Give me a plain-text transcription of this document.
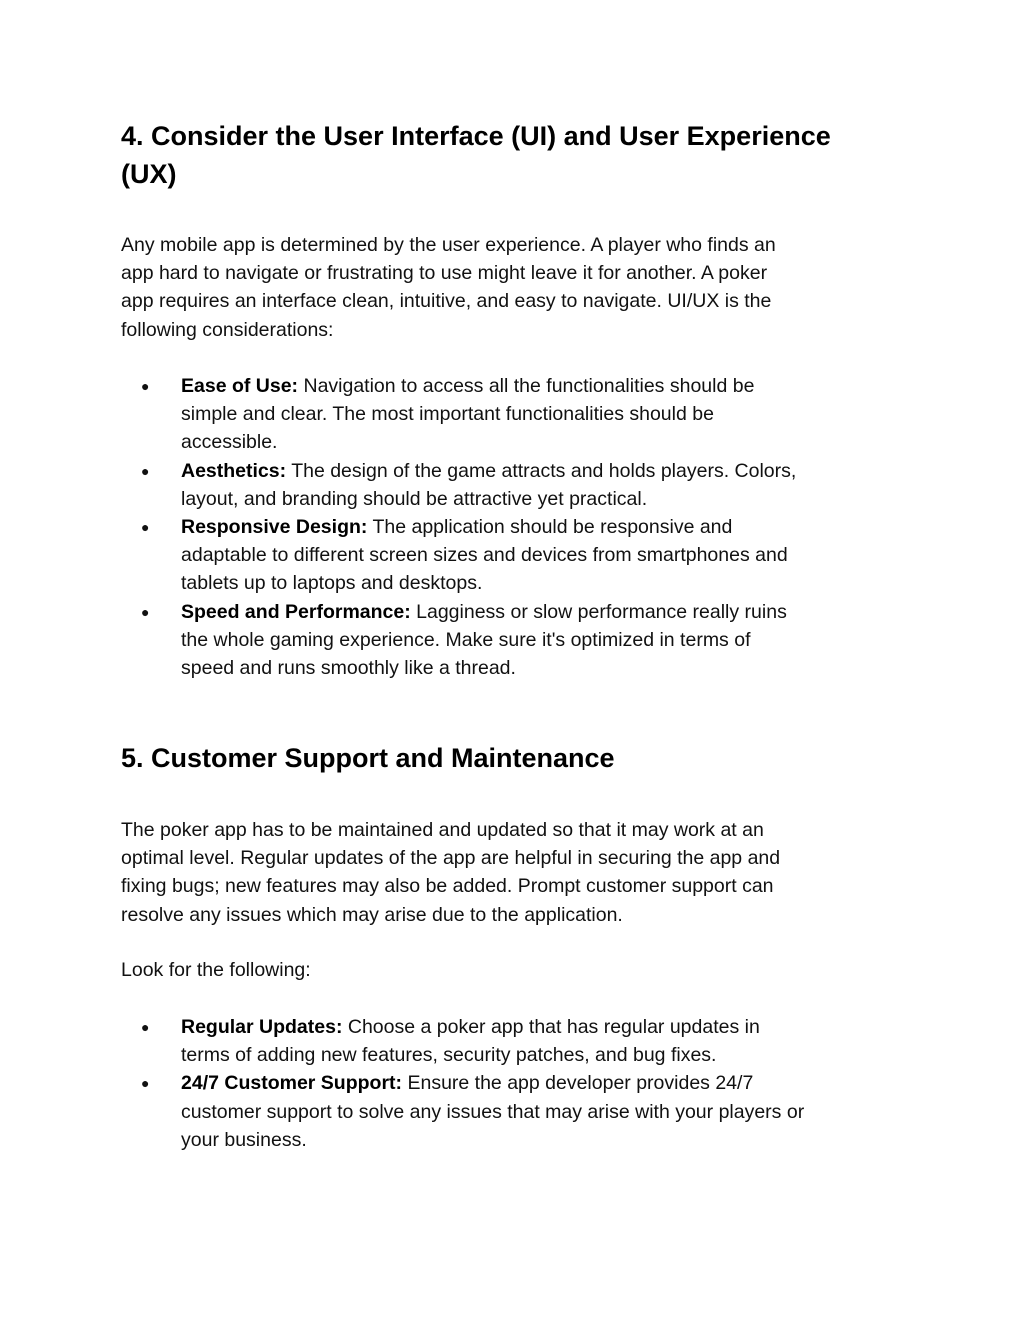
4. Consider the User Interface (UI) and User Experience
(UX)
Any mobile app is determined by the user experience. A player who finds an
app hard to navigate or frustrating to use might leave it for another. A poker
app requires an interface clean, intuitive, and easy to navigate. UI/UX is the
following considerations:
● Ease of Use: Navigation to access all the functionalities should be
simple and clear. The most important functionalities should be
accessible.
● Aesthetics: The design of the game attracts and holds players. Colors,
layout, and branding should be attractive yet practical.
● Responsive Design: The application should be responsive and
adaptable to different screen sizes and devices from smartphones and
tablets up to laptops and desktops.
● Speed and Performance: Lagginess or slow performance really ruins
the whole gaming experience. Make sure it's optimized in terms of
speed and runs smoothly like a thread.
5. Customer Support and Maintenance
The poker app has to be maintained and updated so that it may work at an
optimal level. Regular updates of the app are helpful in securing the app and
fixing bugs; new features may also be added. Prompt customer support can
resolve any issues which may arise due to the application.
Look for the following:
● Regular Updates: Choose a poker app that has regular updates in
terms of adding new features, security patches, and bug fixes.
● 24/7 Customer Support: Ensure the app developer provides 24/7
customer support to solve any issues that may arise with your players or
your business.
